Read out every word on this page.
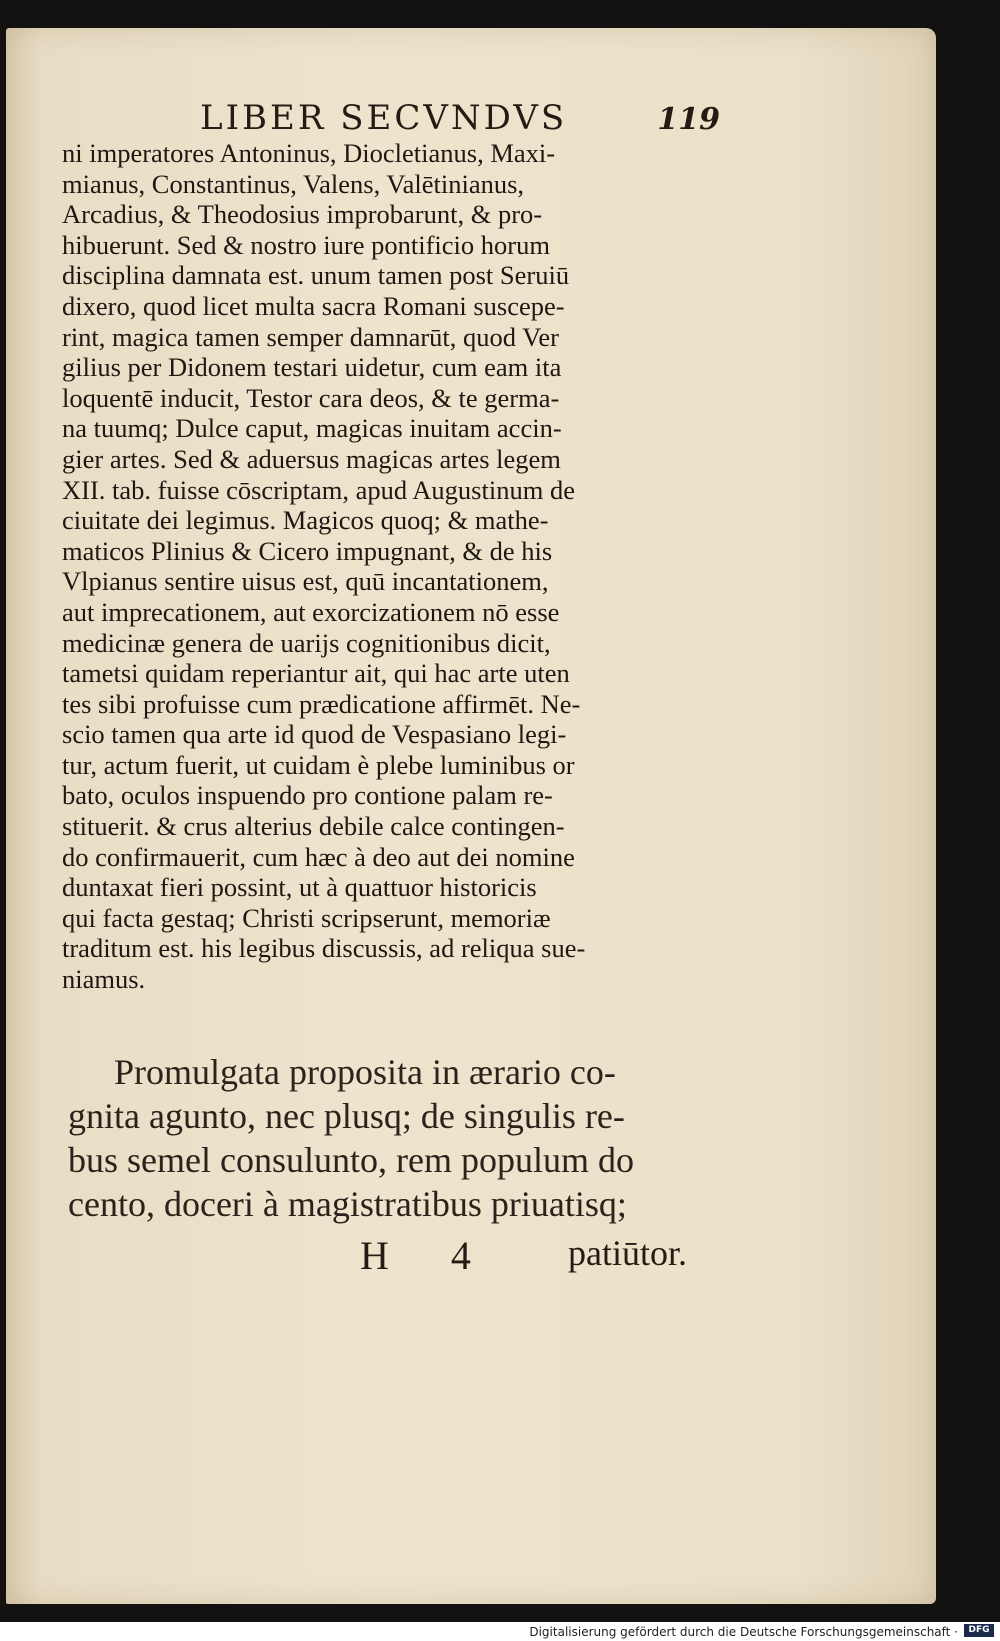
LIBER SECVNDVS	119
ni imperatores Antoninus, Diocletianus, Maxi-
mianus, Constantinus, Valens, Valētinianus,
Arcadius, & Theodosius improbarunt, & pro-
hibuerunt. Sed & nostro iure pontificio horum
disciplina damnata est. unum tamen post Seruiū
dixero, quod licet multa sacra Romani suscepe-
rint, magica tamen semper damnarūt, quod Ver
gilius per Didonem testari uidetur, cum eam ita
loquentē inducit, Testor cara deos, & te germa-
na tuumq; Dulce caput, magicas inuitam accin-
gier artes. Sed & aduersus magicas artes legem
XII. tab. fuisse cōscriptam, apud Augustinum de
ciuitate dei legimus. Magicos quoq; & mathe-
maticos Plinius & Cicero impugnant, & de his
Vlpianus sentire uisus est, quū incantationem,
aut imprecationem, aut exorcizationem nō esse
medicinæ genera de uarijs cognitionibus dicit,
tametsi quidam reperiantur ait, qui hac arte uten
tes sibi profuisse cum prædicatione affirmēt. Ne-
scio tamen qua arte id quod de Vespasiano legi-
tur, actum fuerit, ut cuidam è plebe luminibus or
bato, oculos inspuendo pro contione palam re-
stituerit. & crus alterius debile calce contingen-
do confirmauerit, cum hæc à deo aut dei nomine
duntaxat fieri possint, ut à quattuor historicis
qui facta gestaq; Christi scripserunt, memoriæ
traditum est. his legibus discussis, ad reliqua sue-
niamus.
Promulgata proposita in ærario co-
gnita agunto, nec plusq; de singulis re-
bus semel consulunto, rem populum do
cento, doceri à magistratibus priuatisq;
H 4 patiūtor.
Digitalisierung gefördert durch die Deutsche Forschungsgemeinschaft ·	DFG
